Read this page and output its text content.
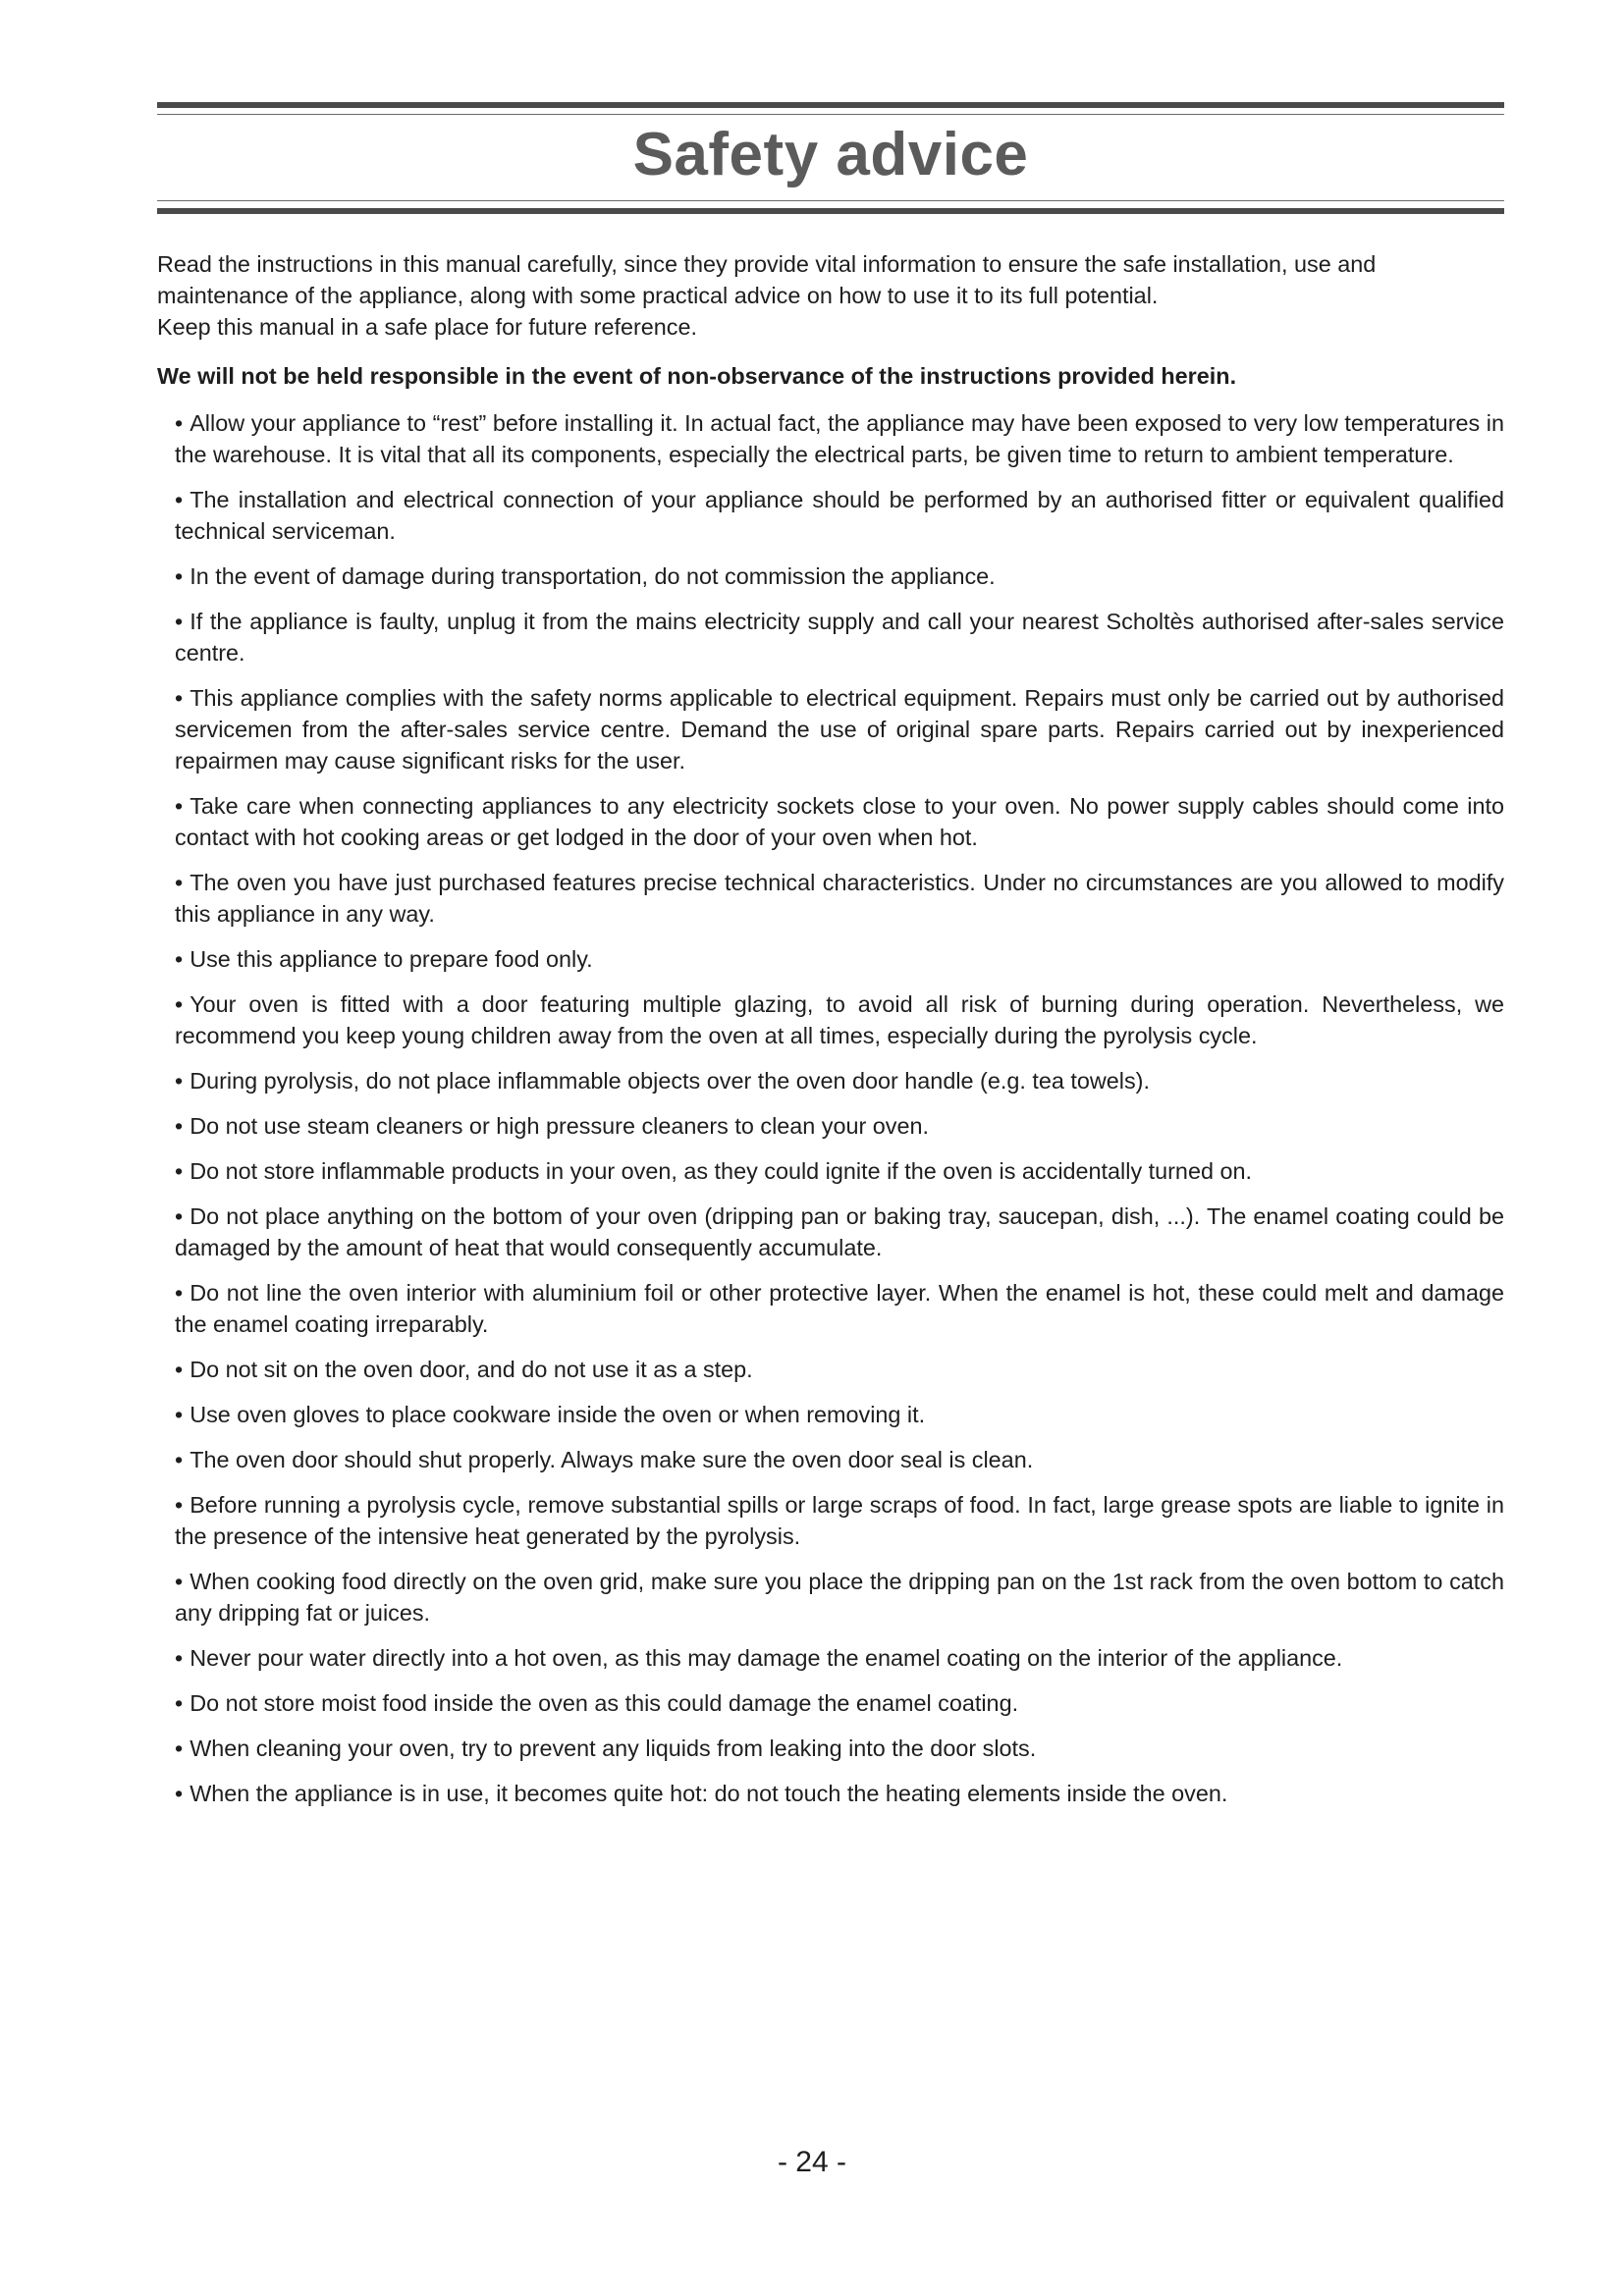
Safety advice

Read the instructions in this manual carefully, since they provide vital information to ensure the safe installation, use and maintenance of the appliance, along with some practical advice on how to use it to its full potential.

Keep this manual in a safe place for future reference.

We will not be held responsible in the event of non-observance of the instructions provided herein.

• Allow your appliance to “rest” before installing it. In actual fact, the appliance may have been exposed to very low temperatures in the warehouse. It is vital that all its components, especially the electrical parts, be given time to return to ambient temperature.
• The installation and electrical connection of your appliance should be performed by an authorised fitter or equivalent qualified technical serviceman.
• In the event of damage during transportation, do not commission the appliance.
• If the appliance is faulty, unplug it from the mains electricity supply and call your nearest Scholtès authorised after-sales service centre.
• This appliance complies with the safety norms applicable to electrical equipment. Repairs must only be carried out by authorised servicemen from the after-sales service centre. Demand the use of original spare parts. Repairs carried out by inexperienced repairmen may cause significant risks for the user.
• Take care when connecting appliances to any electricity sockets close to your oven. No power supply cables should come into contact with hot cooking areas or get lodged in the door of your oven when hot.
• The oven you have just purchased features precise technical characteristics. Under no circumstances are you allowed to modify this appliance in any way.
• Use this appliance to prepare food only.
• Your oven is fitted with a door featuring multiple glazing, to avoid all risk of burning during operation. Nevertheless, we recommend you keep young children away from the oven at all times, especially during the pyrolysis cycle.
• During pyrolysis, do not place inflammable objects over the oven door handle (e.g. tea towels).
• Do not use steam cleaners or high pressure cleaners to clean your oven.
• Do not store inflammable products in your oven, as they could ignite if the oven is accidentally turned on.
• Do not place anything on the bottom of your oven (dripping pan or baking tray, saucepan, dish, ...). The enamel coating could be damaged by the amount of heat that would consequently accumulate.
• Do not line the oven interior with aluminium foil or other protective layer. When the enamel is hot, these could melt and damage the enamel coating irreparably.
• Do not sit on the oven door, and do not use it as a step.
• Use oven gloves to place cookware inside the oven or when removing it.
• The oven door should shut properly. Always make sure the oven door seal is clean.
• Before running a pyrolysis cycle, remove substantial spills or large scraps of food. In fact, large grease spots are liable to ignite in the presence of the intensive heat generated by the pyrolysis.
• When cooking food directly on the oven grid, make sure you place the dripping pan on the 1st rack from the oven bottom to catch any dripping fat or juices.
• Never pour water directly into a hot oven, as this may damage the enamel coating on the interior of the appliance.
• Do not store moist food inside the oven as this could damage the enamel coating.
• When cleaning your oven, try to prevent any liquids from leaking into the door slots.
• When the appliance is in use, it becomes quite hot: do not touch the heating elements inside the oven.
- 24 -
